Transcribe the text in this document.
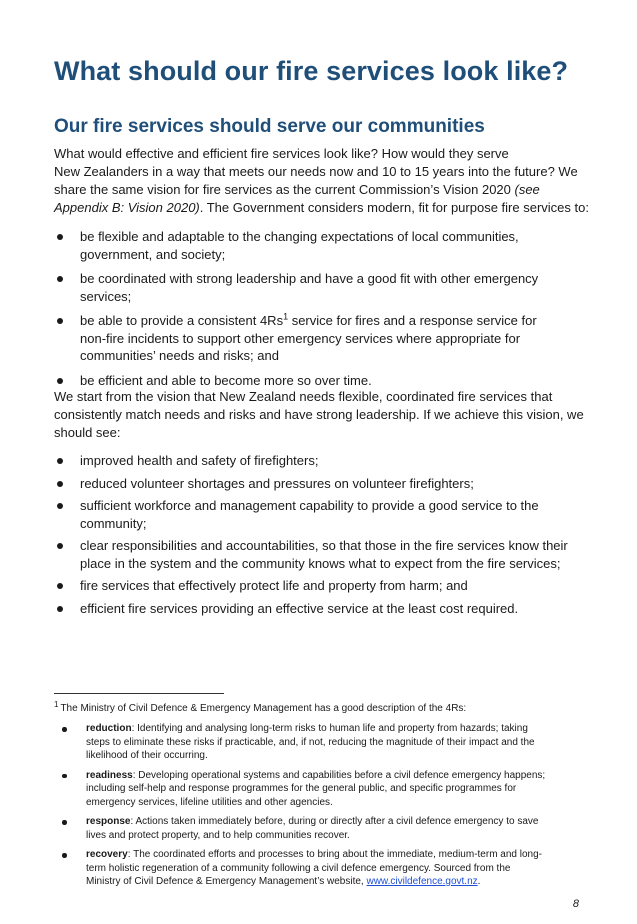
What should our fire services look like?
Our fire services should serve our communities

What would effective and efficient fire services look like? How would they serve
New Zealanders in a way that meets our needs now and 10 to 15 years into the future? We
share the same vision for fire services as the current Commission’s Vision 2020 (see
Appendix B: Vision 2020). The Government considers modern, fit for purpose fire services to:

be flexible and adaptable to the changing expectations of local communities,
government, and society;
be coordinated with strong leadership and have a good fit with other emergency
services;
be able to provide a consistent 4Rs$^1$ service for fires and a response service for
non-fire incidents to support other emergency services where appropriate for
communities’ needs and risks; and
be efficient and able to become more so over time.

We start from the vision that New Zealand needs flexible, coordinated fire services that
consistently match needs and risks and have strong leadership. If we achieve this vision, we
should see:

improved health and safety of firefighters;
reduced volunteer shortages and pressures on volunteer firefighters;
sufficient workforce and management capability to provide a good service to the
community;
clear responsibilities and accountabilities, so that those in the fire services know their
place in the system and the community knows what to expect from the fire services;
fire services that effectively protect life and property from harm; and
efficient fire services providing an effective service at the least cost required.

$^1$ The Ministry of Civil Defence & Emergency Management has a good description of the 4Rs:

reduction: Identifying and analysing long-term risks to human life and property from hazards; taking
steps to eliminate these risks if practicable, and, if not, reducing the magnitude of their impact and the
likelihood of their occurring.
readiness: Developing operational systems and capabilities before a civil defence emergency happens;
including self-help and response programmes for the general public, and specific programmes for
emergency services, lifeline utilities and other agencies.
response: Actions taken immediately before, during or directly after a civil defence emergency to save
lives and protect property, and to help communities recover.
recovery: The coordinated efforts and processes to bring about the immediate, medium-term and long-
term holistic regeneration of a community following a civil defence emergency. Sourced from the
Ministry of Civil Defence & Emergency Management’s website, www.civildefence.govt.nz.
8
